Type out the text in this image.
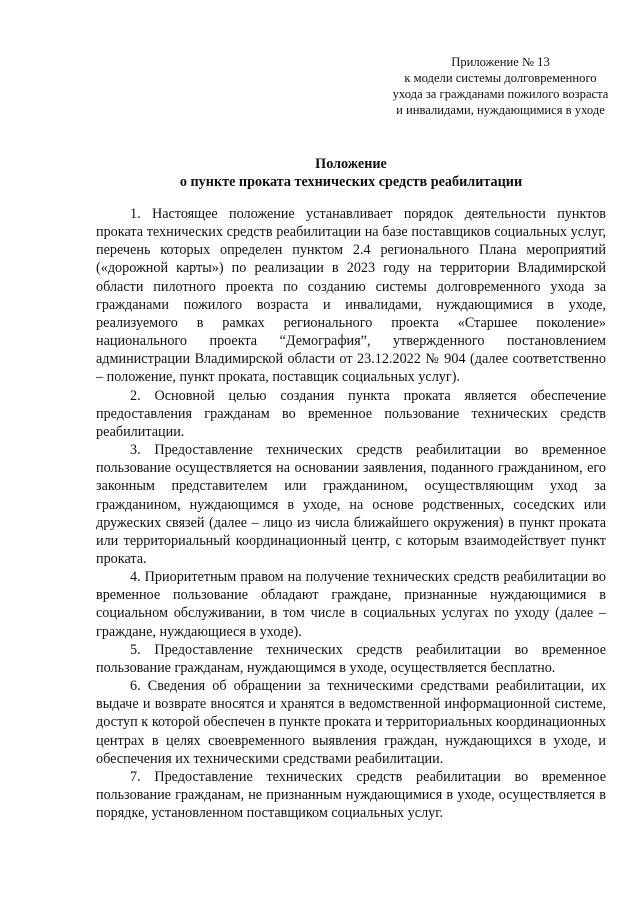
Приложение № 13
к модели системы долговременного
ухода за гражданами пожилого возраста
и инвалидами, нуждающимися в уходе
Положение
о пункте проката технических средств реабилитации

1. Настоящее положение устанавливает порядок деятельности пунктов проката технических средств реабилитации на базе поставщиков социальных услуг, перечень которых определен пунктом 2.4 регионального Плана мероприятий («дорожной карты») по реализации в 2023 году на территории Владимирской области пилотного проекта по созданию системы долговременного ухода за гражданами пожилого возраста и инвалидами, нуждающимися в уходе, реализуемого в рамках регионального проекта «Старшее поколение» национального проекта “Демография”, утвержденного постановлением администрации Владимирской области от 23.12.2022 № 904 (далее соответственно – положение, пункт проката, поставщик социальных услуг).

2. Основной целью создания пункта проката является обеспечение предоставления гражданам во временное пользование технических средств реабилитации.

3. Предоставление технических средств реабилитации во временное пользование осуществляется на основании заявления, поданного гражданином, его законным представителем или гражданином, осуществляющим уход за гражданином, нуждающимся в уходе, на основе родственных, соседских или дружеских связей (далее – лицо из числа ближайшего окружения) в пункт проката или территориальный координационный центр, с которым взаимодействует пункт проката.

4. Приоритетным правом на получение технических средств реабилитации во временное пользование обладают граждане, признанные нуждающимися в социальном обслуживании, в том числе в социальных услугах по уходу (далее – граждане, нуждающиеся в уходе).

5. Предоставление технических средств реабилитации во временное пользование гражданам, нуждающимся в уходе, осуществляется бесплатно.

6. Сведения об обращении за техническими средствами реабилитации, их выдаче и возврате вносятся и хранятся в ведомственной информационной системе, доступ к которой обеспечен в пункте проката и территориальных координационных центрах в целях своевременного выявления граждан, нуждающихся в уходе, и обеспечения их техническими средствами реабилитации.

7. Предоставление технических средств реабилитации во временное пользование гражданам, не признанным нуждающимися в уходе, осуществляется в порядке, установленном поставщиком социальных услуг.
